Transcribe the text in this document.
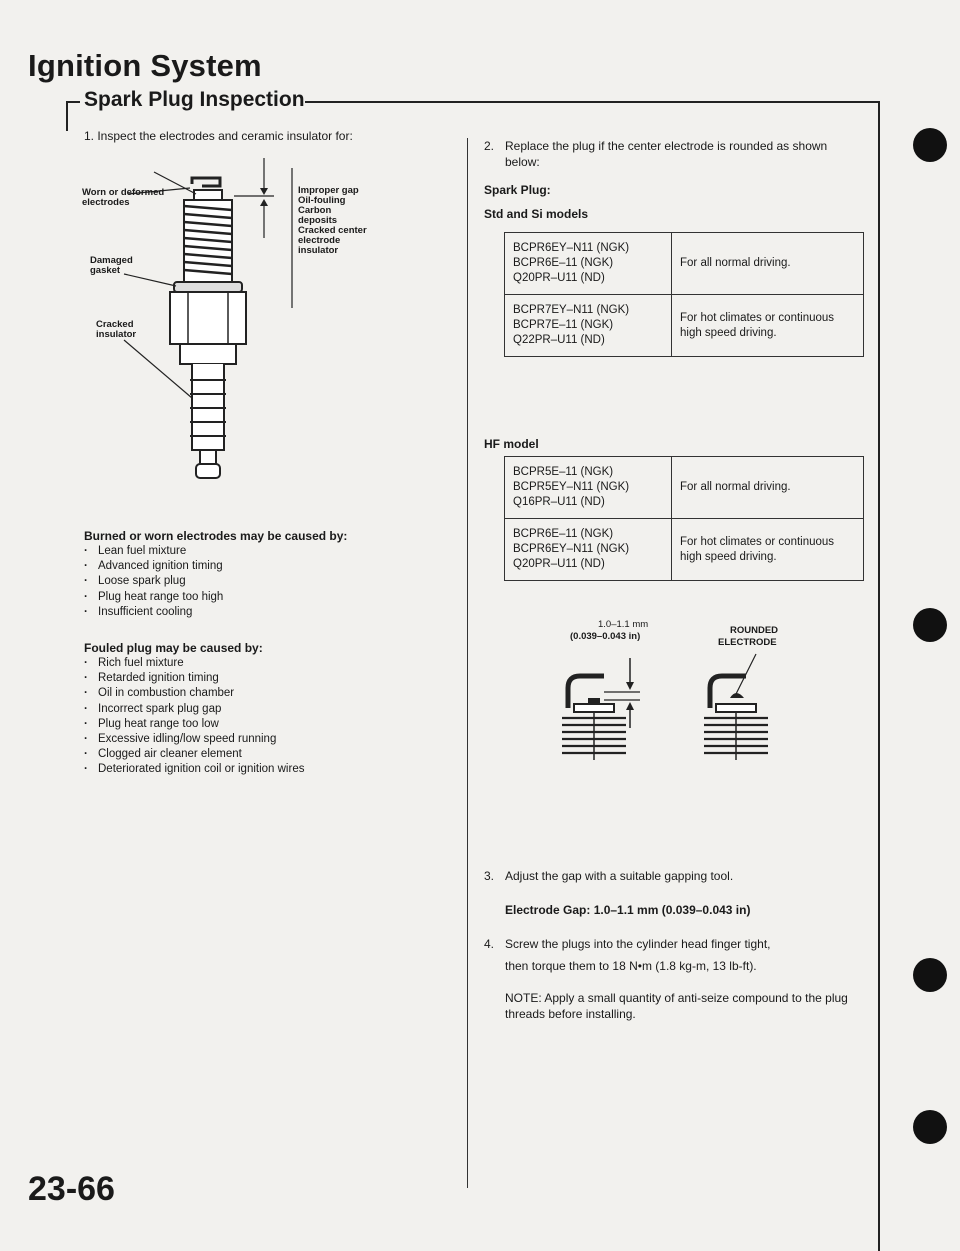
Ignition System
Spark Plug Inspection
1. Inspect the electrodes and ceramic insulator for:
Worn or deformed electrodes
Damaged gasket
Cracked insulator
Improper gap
Oil-fouling
Carbon deposits
Cracked center electrode insulator
Burned or worn electrodes may be caused by:
· Lean fuel mixture
· Advanced ignition timing
· Loose spark plug
· Plug heat range too high
· Insufficient cooling
Fouled plug may be caused by:
· Rich fuel mixture
· Retarded ignition timing
· Oil in combustion chamber
· Incorrect spark plug gap
· Plug heat range too low
· Excessive idling/low speed running
· Clogged air cleaner element
· Deteriorated ignition coil or ignition wires
2. Replace the plug if the center electrode is rounded as shown below:
Spark Plug:
Std and Si models
BCPR6EY–N11 (NGK)
BCPR6E–11 (NGK)
Q20PR–U11 (ND)	For all normal driving.

BCPR7EY–N11 (NGK)
BCPR7E–11 (NGK)
Q22PR–U11 (ND)	For hot climates or continuous high speed driving.
HF model
BCPR5E–11 (NGK)
BCPR5EY–N11 (NGK)
Q16PR–U11 (ND)	For all normal driving.

BCPR6E–11 (NGK)
BCPR6EY–N11 (NGK)
Q20PR–U11 (ND)	For hot climates or continuous high speed driving.
1.0–1.1 mm
(0.039–0.043 in)
ROUNDED
ELECTRODE
3. Adjust the gap with a suitable gapping tool.
Electrode Gap: 1.0–1.1 mm (0.039–0.043 in)
4. Screw the plugs into the cylinder head finger tight,
then torque them to 18 N•m (1.8 kg-m, 13 lb-ft).
NOTE: Apply a small quantity of anti-seize compound to the plug threads before installing.
23-66
